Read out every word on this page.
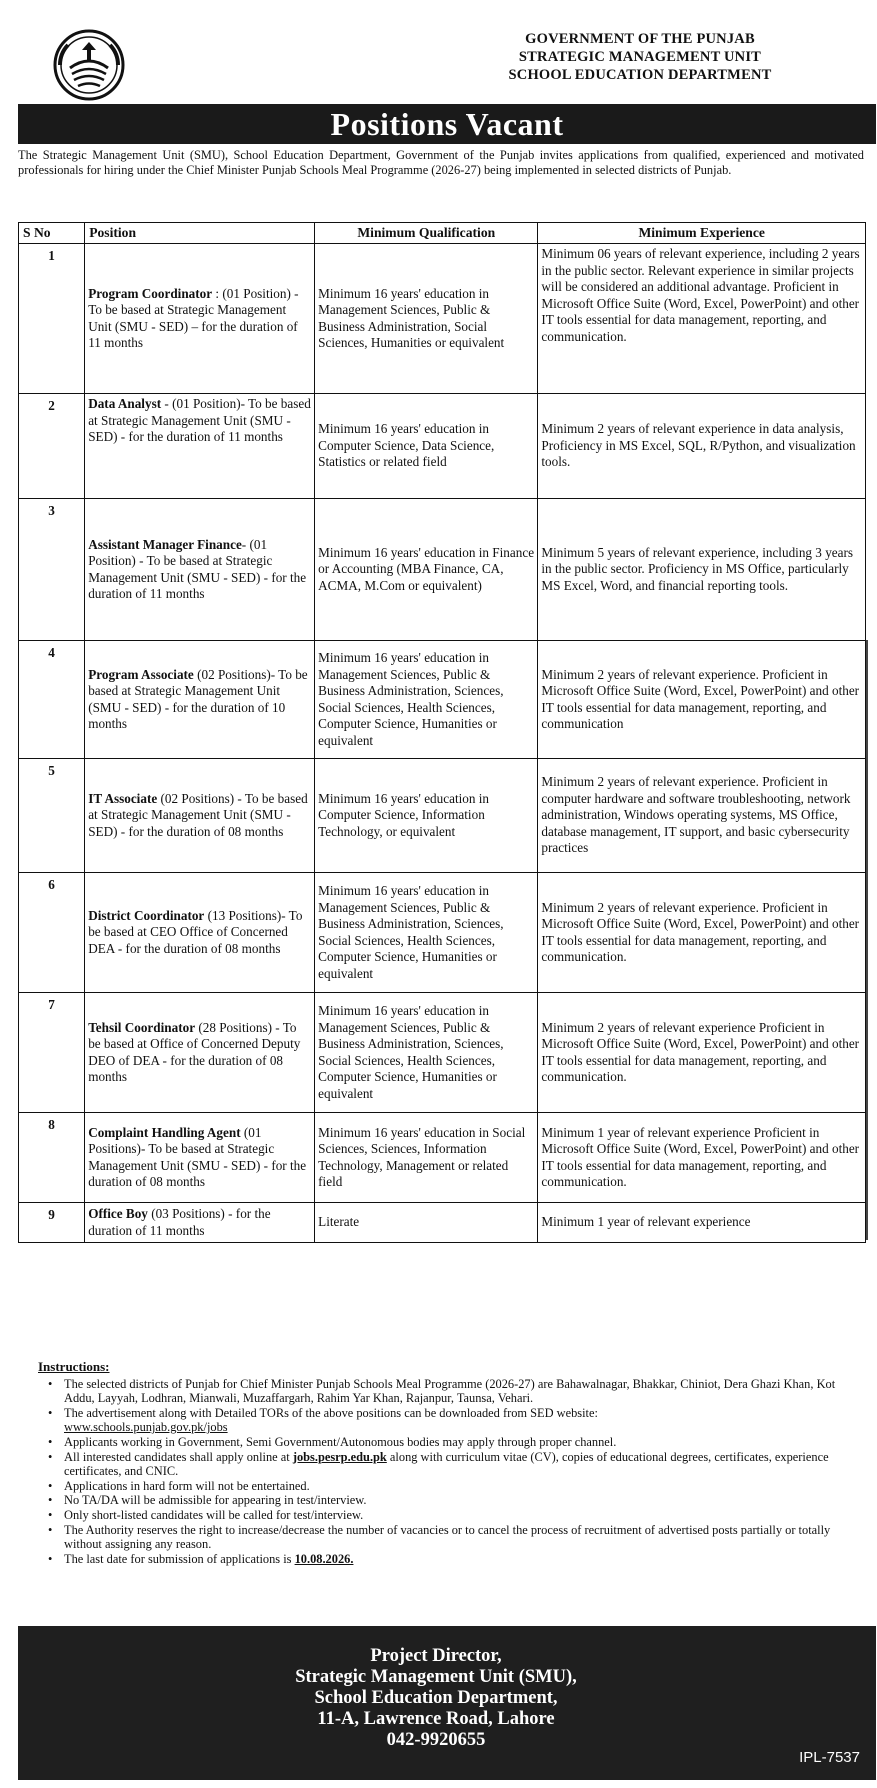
GOVERNMENT OF THE PUNJAB
STRATEGIC MANAGEMENT UNIT
SCHOOL EDUCATION DEPARTMENT
Positions Vacant
The Strategic Management Unit (SMU), School Education Department, Government of the Punjab invites applications from qualified, experienced and motivated professionals for hiring under the Chief Minister Punjab Schools Meal Programme (2026-27) being implemented in selected districts of Punjab.
S No	Position	Minimum Qualification	Minimum Experience
1	Program Coordinator : (01 Position) - To be based at Strategic Management Unit (SMU - SED) – for the duration of 11 months	Minimum 16 years' education in Management Sciences, Public & Business Administration, Social Sciences, Humanities or equivalent	Minimum 06 years of relevant experience, including 2 years in the public sector. Relevant experience in similar projects will be considered an additional advantage. Proficient in Microsoft Office Suite (Word, Excel, PowerPoint) and other IT tools essential for data management, reporting, and communication.
2	Data Analyst - (01 Position)- To be based at Strategic Management Unit (SMU - SED) - for the duration of 11 months	Minimum 16 years' education in Computer Science, Data Science, Statistics or related field	Minimum 2 years of relevant experience in data analysis, Proficiency in MS Excel, SQL, R/Python, and visualization tools.
3	Assistant Manager Finance- (01 Position) - To be based at Strategic Management Unit (SMU - SED) - for the duration of 11 months	Minimum 16 years' education in Finance or Accounting (MBA Finance, CA, ACMA, M.Com or equivalent)	Minimum 5 years of relevant experience, including 3 years in the public sector. Proficiency in MS Office, particularly MS Excel, Word, and financial reporting tools.
4	Program Associate (02 Positions)- To be based at Strategic Management Unit (SMU - SED) - for the duration of 10 months	Minimum 16 years' education in Management Sciences, Public & Business Administration, Sciences, Social Sciences, Health Sciences, Computer Science, Humanities or equivalent	Minimum 2 years of relevant experience. Proficient in Microsoft Office Suite (Word, Excel, PowerPoint) and other IT tools essential for data management, reporting, and communication
5	IT Associate (02 Positions) - To be based at Strategic Management Unit (SMU - SED) - for the duration of 08 months	Minimum 16 years' education in Computer Science, Information Technology, or equivalent	Minimum 2 years of relevant experience. Proficient in computer hardware and software troubleshooting, network administration, Windows operating systems, MS Office, database management, IT support, and basic cybersecurity practices
6	District Coordinator (13 Positions)- To be based at CEO Office of Concerned DEA - for the duration of 08 months	Minimum 16 years' education in Management Sciences, Public & Business Administration, Sciences, Social Sciences, Health Sciences, Computer Science, Humanities or equivalent	Minimum 2 years of relevant experience. Proficient in Microsoft Office Suite (Word, Excel, PowerPoint) and other IT tools essential for data management, reporting, and communication.
7	Tehsil Coordinator (28 Positions) - To be based at Office of Concerned Deputy DEO of DEA - for the duration of 08 months	Minimum 16 years' education in Management Sciences, Public & Business Administration, Sciences, Social Sciences, Health Sciences, Computer Science, Humanities or equivalent	Minimum 2 years of relevant experience Proficient in Microsoft Office Suite (Word, Excel, PowerPoint) and other IT tools essential for data management, reporting, and communication.
8	Complaint Handling Agent (01 Positions)- To be based at Strategic Management Unit (SMU - SED) - for the duration of 08 months	Minimum 16 years' education in Social Sciences, Sciences, Information Technology, Management or related field	Minimum 1 year of relevant experience Proficient in Microsoft Office Suite (Word, Excel, PowerPoint) and other IT tools essential for data management, reporting, and communication.
9	Office Boy (03 Positions) - for the duration of 11 months	Literate	Minimum 1 year of relevant experience
Instructions:
• The selected districts of Punjab for Chief Minister Punjab Schools Meal Programme (2026-27) are Bahawalnagar, Bhakkar, Chiniot, Dera Ghazi Khan, Kot Addu, Layyah, Lodhran, Mianwali, Muzaffargarh, Rahim Yar Khan, Rajanpur, Taunsa, Vehari.
• The advertisement along with Detailed TORs of the above positions can be downloaded from SED website:
www.schools.punjab.gov.pk/jobs
• Applicants working in Government, Semi Government/Autonomous bodies may apply through proper channel.
• All interested candidates shall apply online at jobs.pesrp.edu.pk along with curriculum vitae (CV), copies of educational degrees, certificates, experience certificates, and CNIC.
• Applications in hard form will not be entertained.
• No TA/DA will be admissible for appearing in test/interview.
• Only short-listed candidates will be called for test/interview.
• The Authority reserves the right to increase/decrease the number of vacancies or to cancel the process of recruitment of advertised posts partially or totally without assigning any reason.
• The last date for submission of applications is 10.08.2026.
Project Director,
Strategic Management Unit (SMU),
School Education Department,
11-A, Lawrence Road, Lahore
042-9920655
IPL-7537
